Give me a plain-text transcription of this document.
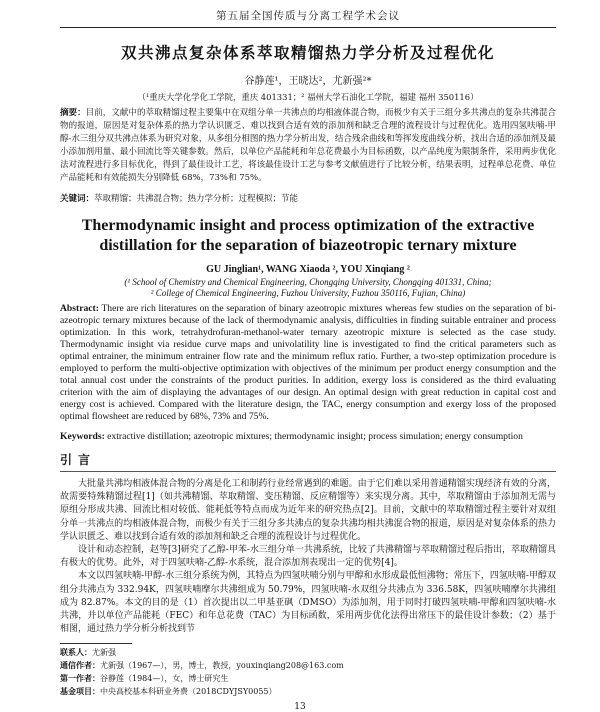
第五届全国传质与分离工程学术会议
双共沸点复杂体系萃取精馏热力学分析及过程优化
谷静莲¹，王晓达²，尤新强²*
（¹重庆大学化学化工学院，重庆 401331；² 福州大学石油化工学院，福建 福州 350116）
摘要：目前，文献中的萃取精馏过程主要集中在双组分单一共沸点的均相液体混合物，而极少有关于三组分多共沸点的复杂共沸混合物的报道，原因是对复杂体系的热力学认识匮乏、难以找到合适有效的添加剂和缺乏合理的流程设计与过程优化。选用四氢呋喃-甲醇-水三组分双共沸点体系为研究对象，从多组分相图的热力学分析出发，结合残余曲线和等挥发度曲线分析，找出合适的添加剂及最小添加剂用量、最小回流比等关键参数。然后，以单位产品能耗和年总花费最小为目标函数，以产品纯度为限制条件，采用两步优化法对流程进行多目标优化，得到了最佳设计工艺，将该最佳设计工艺与参考文献值进行了比较分析，结果表明，过程单总花费、单位产品能耗和有效能损失分别降低 68%，73%和 75%。
关键词：萃取精馏；共沸混合物；热力学分析；过程模拟；节能
Thermodynamic insight and process optimization of the extractive distillation for the separation of biazeotropic ternary mixture
GU Jinglian¹, WANG Xiaoda ², YOU Xinqiang ²
(¹ School of Chemistry and Chemical Engineering, Chongqing University, Chongqing 401331, China;
² College of Chemical Engineering, Fuzhou University, Fuzhou 350116, Fujian, China)
Abstract: There are rich literatures on the separation of binary azeotropic mixtures whereas few studies on the separation of bi-azeotropic ternary mixtures because of the lack of thermodynamic analysis, difficulties in finding suitable entrainer and process optimization. In this work, tetrahydrofuran-methanol-water ternary azeotropic mixture is selected as the case study. Thermodynamic insight via residue curve maps and univolatility line is investigated to find the critical parameters such as optimal entrainer, the minimum entrainer flow rate and the minimum reflux ratio. Further, a two-step optimization procedure is employed to perform the multi-objective optimization with objectives of the minimum per product energy consumption and the total annual cost under the constraints of the product purities. In addition, exergy loss is considered as the third evaluating criterion with the aim of displaying the advantages of our design. An optimal design with great reduction in capital cost and energy cost is achieved. Compared with the literature design, the TAC, energy consumption and exergy loss of the proposed optimal flowsheet are reduced by 68%, 73% and 75%.
Keywords: extractive distillation; azeotropic mixtures; thermodynamic insight; process simulation; energy consumption
引言
大批量共沸均相液体混合物的分离是化工和制药行业经常遇到的难题。由于它们难以采用普通精馏实现经济有效的分离，故需要特殊精馏过程[1]（如共沸精馏、萃取精馏、变压精馏、反应精馏等）来实现分离。其中，萃取精馏由于添加剂无需与原组分形成共沸、回流比相对较低、能耗低等特点而成为近年来的研究热点[2]。目前，文献中的萃取精馏过程主要针对双组分单一共沸点的均相液体混合物，而极少有关于三组分多共沸点的复杂共沸均相共沸混合物的报道，原因是对复杂体系的热力学认识匮乏、难以找到合适有效的添加剂和缺乏合理的流程设计与过程优化。
设计和动态控制，赵等[3]研究了乙醇-甲苯-水三组分单一共沸系统，比较了共沸精馏与萃取精馏过程后指出，萃取精馏具有极大的优势。此外，对于四氢呋喃-乙醇-水系统，混合添加剂表现出一定的优势[4]。
本文以四氢呋喃-甲醇-水三组分系统为例，其特点为四氢呋喃分别与甲醇和水形成最低恒沸物；常压下，四氢呋喃-甲醇双组分共沸点为 332.94K，四氢呋喃摩尔共沸组成为 50.79%，四氢呋喃-水双组分共沸点为 336.58K，四氢呋喃摩尔共沸组成为 82.87%。本文的目的是（1）首次提出以二甲基亚砜（DMSO）为添加剂，用于同时打破四氢呋喃-甲醇和四氢呋喃-水共沸，并以单位产品能耗（FEC）和年总花费（TAC）为目标函数，采用两步优化法得出常压下的最佳设计参数；（2）基于相图，通过热力学分析分析找到节
联系人：尤新强
通信作者：尤新强（1967—），男，博士，教授，youxinqiang208@163.com
第一作者：谷静莲（1984—），女，博士研究生
基金项目：中央高校基本科研业务费（2018CDYJSY0055）
13
